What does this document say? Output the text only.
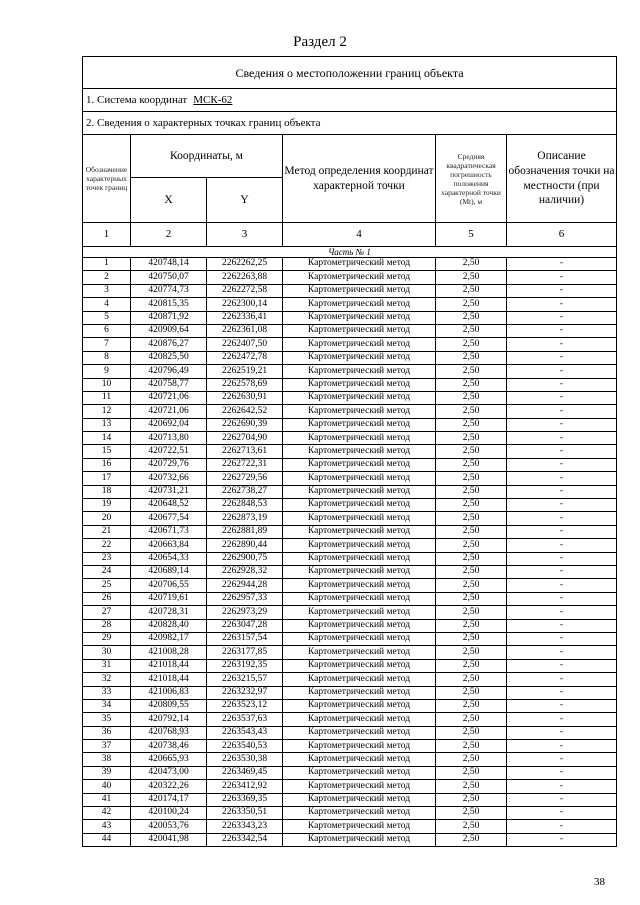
Раздел 2
Сведения о местоположении границ объекта					
1. Система координат МСК-62					
2. Сведения о характерных точках границ объекта					
Обозначение характерных точек границ	Координаты, м		Метод определения координат характерной точки	Средняя квадратическая погрешность положения характерной точки (Mt), м	Описание обозначения точки на местности (при наличии)
	X	Y			
1	2	3	4	5	6
Часть № 1					
1	420748,14	2262262,25	Картометрический метод	2,50	-
2	420750,07	2262263,88	Картометрический метод	2,50	-
3	420774,73	2262272,58	Картометрический метод	2,50	-
4	420815,35	2262300,14	Картометрический метод	2,50	-
5	420871,92	2262336,41	Картометрический метод	2,50	-
6	420909,64	2262361,08	Картометрический метод	2,50	-
7	420876,27	2262407,50	Картометрический метод	2,50	-
8	420825,50	2262472,78	Картометрический метод	2,50	-
9	420796,49	2262519,21	Картометрический метод	2,50	-
10	420758,77	2262578,69	Картометрический метод	2,50	-
11	420721,06	2262630,91	Картометрический метод	2,50	-
12	420721,06	2262642,52	Картометрический метод	2,50	-
13	420692,04	2262690,39	Картометрический метод	2,50	-
14	420713,80	2262704,90	Картометрический метод	2,50	-
15	420722,51	2262713,61	Картометрический метод	2,50	-
16	420729,76	2262722,31	Картометрический метод	2,50	-
17	420732,66	2262729,56	Картометрический метод	2,50	-
18	420731,21	2262738,27	Картометрический метод	2,50	-
19	420648,52	2262848,53	Картометрический метод	2,50	-
20	420677,54	2262873,19	Картометрический метод	2,50	-
21	420671,73	2262881,89	Картометрический метод	2,50	-
22	420663,84	2262890,44	Картометрический метод	2,50	-
23	420654,33	2262900,75	Картометрический метод	2,50	-
24	420689,14	2262928,32	Картометрический метод	2,50	-
25	420706,55	2262944,28	Картометрический метод	2,50	-
26	420719,61	2262957,33	Картометрический метод	2,50	-
27	420728,31	2262973,29	Картометрический метод	2,50	-
28	420828,40	2263047,28	Картометрический метод	2,50	-
29	420982,17	2263157,54	Картометрический метод	2,50	-
30	421008,28	2263177,85	Картометрический метод	2,50	-
31	421018,44	2263192,35	Картометрический метод	2,50	-
32	421018,44	2263215,57	Картометрический метод	2,50	-
33	421006,83	2263232,97	Картометрический метод	2,50	-
34	420809,55	2263523,12	Картометрический метод	2,50	-
35	420792,14	2263537,63	Картометрический метод	2,50	-
36	420768,93	2263543,43	Картометрический метод	2,50	-
37	420738,46	2263540,53	Картометрический метод	2,50	-
38	420665,93	2263530,38	Картометрический метод	2,50	-
39	420473,00	2263469,45	Картометрический метод	2,50	-
40	420322,26	2263412,92	Картометрический метод	2,50	-
41	420174,17	2263369,35	Картометрический метод	2,50	-
42	420100,24	2263350,51	Картометрический метод	2,50	-
43	420053,76	2263343,23	Картометрический метод	2,50	-
44	420041,98	2263342,54	Картометрический метод	2,50	-
38
